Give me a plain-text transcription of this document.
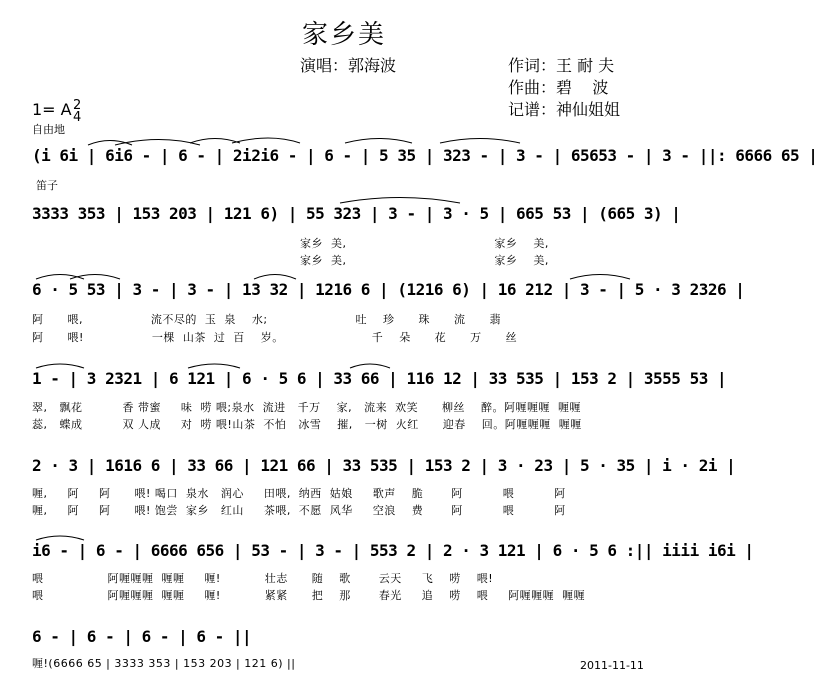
家乡美
演唱：郭海波	作词：王 耐 夫
作曲：碧    波
记谱：神仙姐姐
1= A 2
4
自由地
笛子
(i 6i | 6i6 - | 6 - | 2i2i6 - | 6 - | 5 35 | 323 - | 3 - | 65653 - | 3 - ||: 6666 65 |
3333 353 | 153 203 | 121 6) | 55 323 | 3 - | 3 · 5 | 665 53 | (665 3) |
家乡  美,                                     家乡    美,
家乡  美,                                     家乡    美,
6 · 5 53 | 3 - | 3 - | 13 32 | 1216 6 | (1216 6) | 16 212 | 3 - | 5 · 3 2326 |
阿      喂,                 流不尽的  玉  泉    水;                      吐    珍      珠      流      翡
阿      喂!                 一棵  山茶  过  百    岁。                      千    朵      花      万      丝
1 - | 3 2321 | 6 121 | 6 · 5 6 | 33 66 | 116 12 | 33 535 | 153 2 | 3555 53 |
翠,   飘花          香 带蜜     味  唠 喂;泉水  流进   千万    家,   流来  欢笑      柳丝    醉。阿喱喱喱  喱喱
蕊,   蝶成          双 人成     对  唠 喂!山茶  不怕   冰雪    摧,   一树  火红      迎春    回。阿喱喱喱  喱喱
2 · 3 | 1616 6 | 33 66 | 121 66 | 33 535 | 153 2 | 3 · 23 | 5 · 35 | i · 2i |
喱,     阿     阿      喂! 喝口  泉水   润心     田喂,  纳西  姑娘     歌声    脆       阿          喂          阿
喱,     阿     阿      喂! 饱尝  家乡   红山     茶喂,  不愿  风华     空浪    费       阿          喂          阿
i6 - | 6 - | 6666 656 | 53 - | 3 - | 553 2 | 2 · 3 121 | 6 · 5 6 :|| iiii i6i |
喂                阿喱喱喱  喱喱     喱!           壮志      随    歌       云天     飞    唠    喂!
喂                阿喱喱喱  喱喱     喱!           紧紧      把    那       春光     追    唠    喂     阿喱喱喱  喱喱
6 - | 6 - | 6 - | 6 - ||
喱!(6666 65 | 3333 353 | 153 203 | 121 6) ||	2011-11-11
